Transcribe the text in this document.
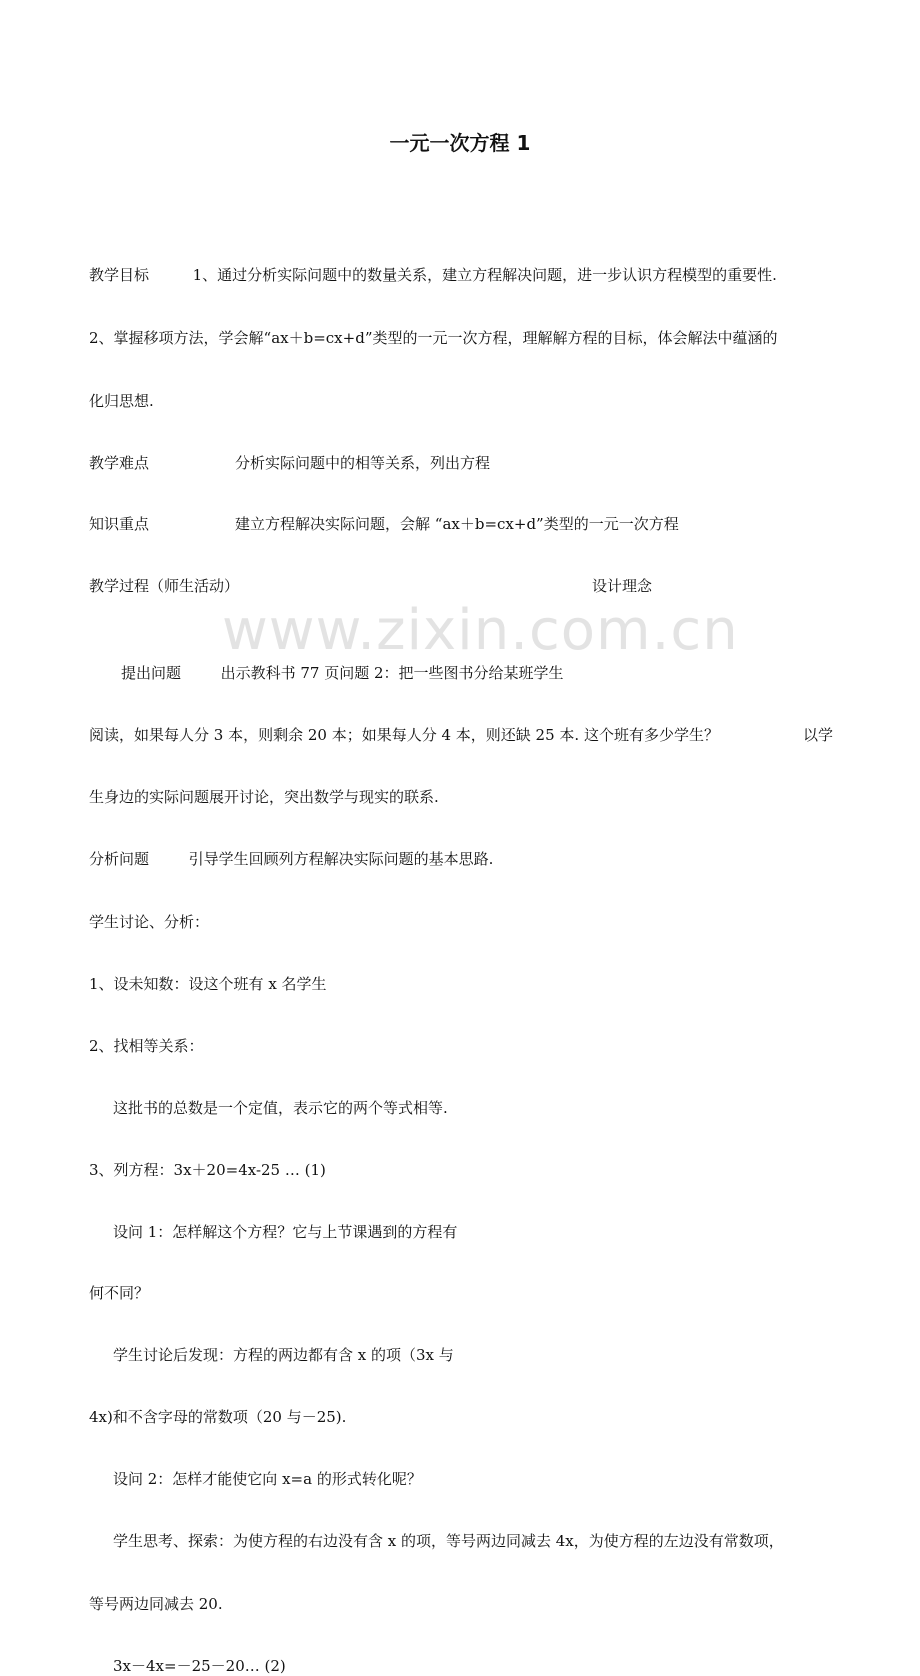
www.zixin.com.cn
一元一次方程 1
教学目标	1、通过分析实际问题中的数量关系，建立方程解决问题，进一步认识方程模型的重要性.
2、掌握移项方法，学会解“ax＋b=cx+d”类型的一元一次方程，理解解方程的目标，体会解法中蕴涵的
化归思想.
教学难点	分析实际问题中的相等关系，列出方程
知识重点	建立方程解决实际问题，会解 “ax＋b=cx+d”类型的一元一次方程
教学过程（师生活动）	设计理念
提出问题	出示教科书 77 页问题 2：把一些图书分给某班学生
阅读，如果每人分 3 本，则剩余 20 本；如果每人分 4 本，则还缺 25 本. 这个班有多少学生？	以学
生身边的实际问题展开讨论，突出数学与现实的联系.
分析问题	引导学生回顾列方程解决实际问题的基本思路.
学生讨论、分析：
1、设未知数：设这个班有 x 名学生
2、找相等关系：
这批书的总数是一个定值，表示它的两个等式相等.
3、列方程：3x＋20=4x-25 … (1)
设问 1：怎样解这个方程？它与上节课遇到的方程有
何不同？
学生讨论后发现：方程的两边都有含 x 的项（3x 与
4x)和不含字母的常数项（20 与－25).
设问 2：怎样才能使它向 x=a 的形式转化呢？
学生思考、探索：为使方程的右边没有含 x 的项，等号两边同减去 4x，为使方程的左边没有常数项，
等号两边同减去 20.
3x－4x=－25－20… (2)
